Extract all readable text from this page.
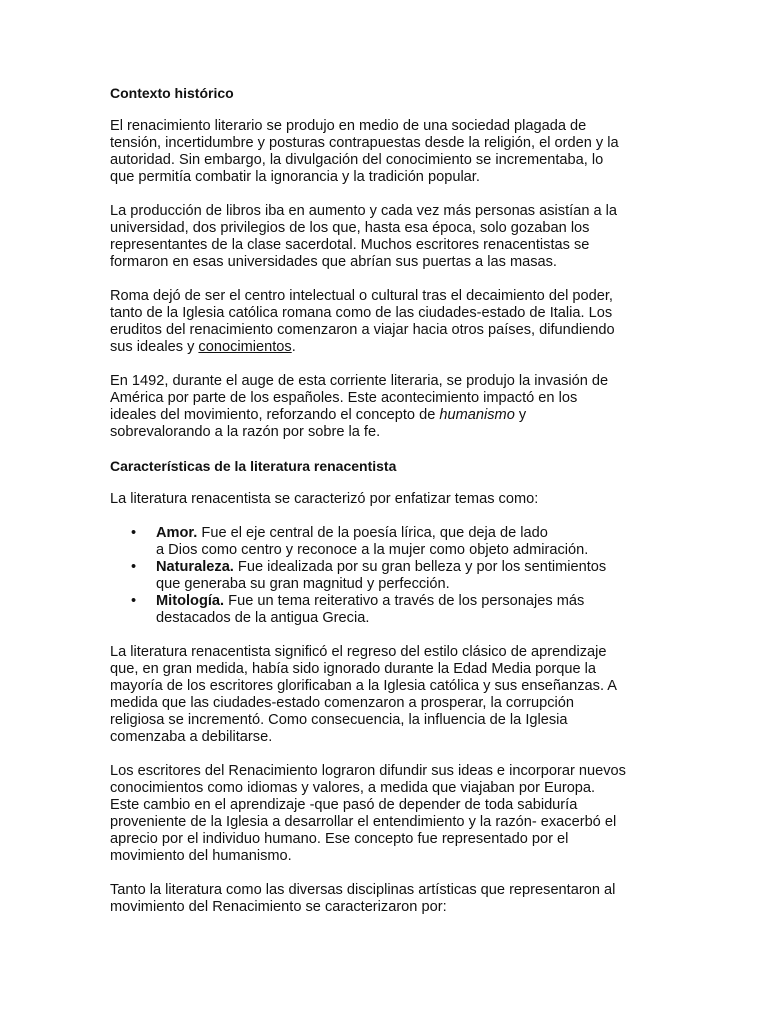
Contexto histórico

El renacimiento literario se produjo en medio de una sociedad plagada de
tensión, incertidumbre y posturas contrapuestas desde la religión, el orden y la
autoridad. Sin embargo, la divulgación del conocimiento se incrementaba, lo
que permitía combatir la ignorancia y la tradición popular.

La producción de libros iba en aumento y cada vez más personas asistían a la
universidad, dos privilegios de los que, hasta esa época, solo gozaban los
representantes de la clase sacerdotal. Muchos escritores renacentistas se
formaron en esas universidades que abrían sus puertas a las masas.

Roma dejó de ser el centro intelectual o cultural tras el decaimiento del poder,
tanto de la Iglesia católica romana como de las ciudades-estado de Italia. Los
eruditos del renacimiento comenzaron a viajar hacia otros países, difundiendo
sus ideales y conocimientos.

En 1492, durante el auge de esta corriente literaria, se produjo la invasión de
América por parte de los españoles. Este acontecimiento impactó en los
ideales del movimiento, reforzando el concepto de humanismo y
sobrevalorando a la razón por sobre la fe.

Características de la literatura renacentista

La literatura renacentista se caracterizó por enfatizar temas como:

• Amor. Fue el eje central de la poesía lírica, que deja de lado
a Dios como centro y reconoce a la mujer como objeto admiración.
• Naturaleza. Fue idealizada por su gran belleza y por los sentimientos
que generaba su gran magnitud y perfección.
• Mitología. Fue un tema reiterativo a través de los personajes más
destacados de la antigua Grecia.

La literatura renacentista significó el regreso del estilo clásico de aprendizaje
que, en gran medida, había sido ignorado durante la Edad Media porque la
mayoría de los escritores glorificaban a la Iglesia católica y sus enseñanzas. A
medida que las ciudades-estado comenzaron a prosperar, la corrupción
religiosa se incrementó. Como consecuencia, la influencia de la Iglesia
comenzaba a debilitarse.

Los escritores del Renacimiento lograron difundir sus ideas e incorporar nuevos
conocimientos como idiomas y valores, a medida que viajaban por Europa.
Este cambio en el aprendizaje -que pasó de depender de toda sabiduría
proveniente de la Iglesia a desarrollar el entendimiento y la razón- exacerbó el
aprecio por el individuo humano. Ese concepto fue representado por el
movimiento del humanismo.

Tanto la literatura como las diversas disciplinas artísticas que representaron al
movimiento del Renacimiento se caracterizaron por:
